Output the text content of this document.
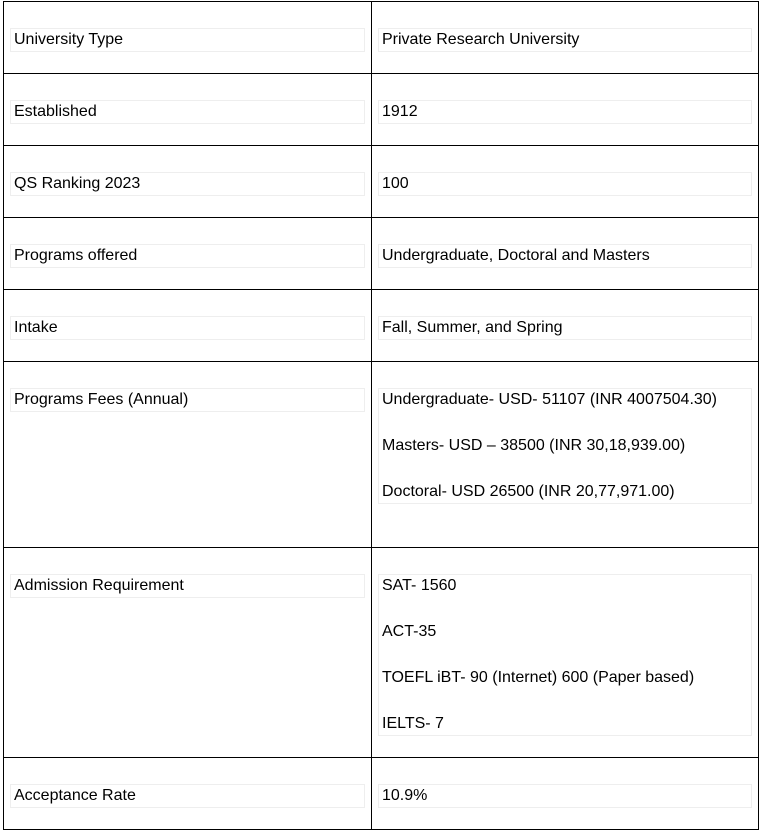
University Type	Private Research University

Established	1912

QS Ranking 2023	100

Programs offered	Undergraduate, Doctoral and Masters

Intake	Fall, Summer, and Spring

Programs Fees (Annual)	Undergraduate- USD- 51107 (INR 4007504.30)
Masters- USD – 38500 (INR 30,18,939.00)
Doctoral- USD 26500 (INR 20,77,971.00)

Admission Requirement	SAT- 1560
ACT-35
TOEFL iBT- 90 (Internet) 600 (Paper based)
IELTS- 7

Acceptance Rate	10.9%
